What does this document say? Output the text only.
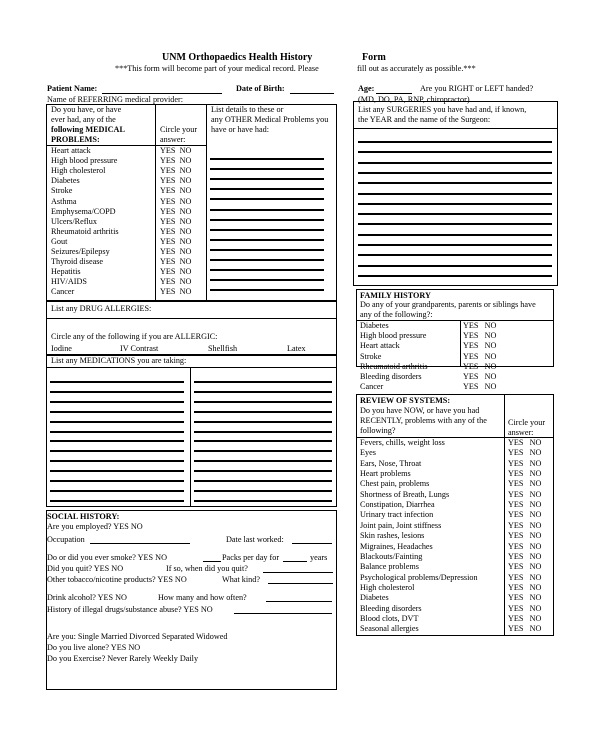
UNM Orthopaedics Health History	Form
***This form will become part of your medical record. Please	fill out as accurately as possible.***
Patient Name:	Date of Birth:	Age:	Are you RIGHT or LEFT handed?
Name of REFERRING medical provider:	(MD, DO, PA, RNP, chiropractor)
Do you have, or have
ever had, any of the
following MEDICAL
PROBLEMS:
Circle your
answer:
List details to these or
any OTHER Medical Problems you
have or have had:
Heart attack	YES NO
High blood pressure	YES NO
High cholesterol	YES NO
Diabetes	YES NO
Stroke	YES NO
Asthma	YES NO
Emphysema/COPD	YES NO
Ulcers/Reflux	YES NO
Rheumatoid arthritis	YES NO
Gout	YES NO
Seizures/Epilepsy	YES NO
Thyroid disease	YES NO
Hepatitis	YES NO
HIV/AIDS	YES NO
Cancer	YES NO
List any DRUG ALLERGIES:
Circle any of the following if you are ALLERGIC:
Iodine	IV Contrast	Shellfish	Latex
List any MEDICATIONS you are taking:
SOCIAL HISTORY:
Are you employed? YES NO
Occupation	Date last worked:
Do or did you ever smoke? YES NO	Packs per day for	years
Did you quit? YES NO	If so, when did you quit?
Other tobacco/nicotine products? YES NO	What kind?
Drink alcohol? YES NO	How many and how often?
History of illegal drugs/substance abuse? YES NO
Are you: Single Married Divorced Separated Widowed
Do you live alone? YES NO
Do you Exercise? Never Rarely Weekly Daily
List any SURGERIES you have had and, if known,
the YEAR and the name of the Surgeon:
FAMILY HISTORY
Do any of your grandparents, parents or siblings have
any of the following?:
Diabetes	YES NO
High blood pressure	YES NO
Heart attack	YES NO
Stroke	YES NO
Rheumatoid arthritis	YES NO
Bleeding disorders	YES NO
Cancer	YES NO
REVIEW OF SYSTEMS:
Do you have NOW, or have you had
RECENTLY, problems with any of the
following?
Circle your
answer:
Fevers, chills, weight loss	YES NO
Eyes	YES NO
Ears, Nose, Throat	YES NO
Heart problems	YES NO
Chest pain, problems	YES NO
Shortness of Breath, Lungs	YES NO
Constipation, Diarrhea	YES NO
Urinary tract infection	YES NO
Joint pain, Joint stiffness	YES NO
Skin rashes, lesions	YES NO
Migraines, Headaches	YES NO
Blackouts/Fainting	YES NO
Balance problems	YES NO
Psychological problems/Depression	YES NO
High cholesterol	YES NO
Diabetes	YES NO
Bleeding disorders	YES NO
Blood clots, DVT	YES NO
Seasonal allergies	YES NO
